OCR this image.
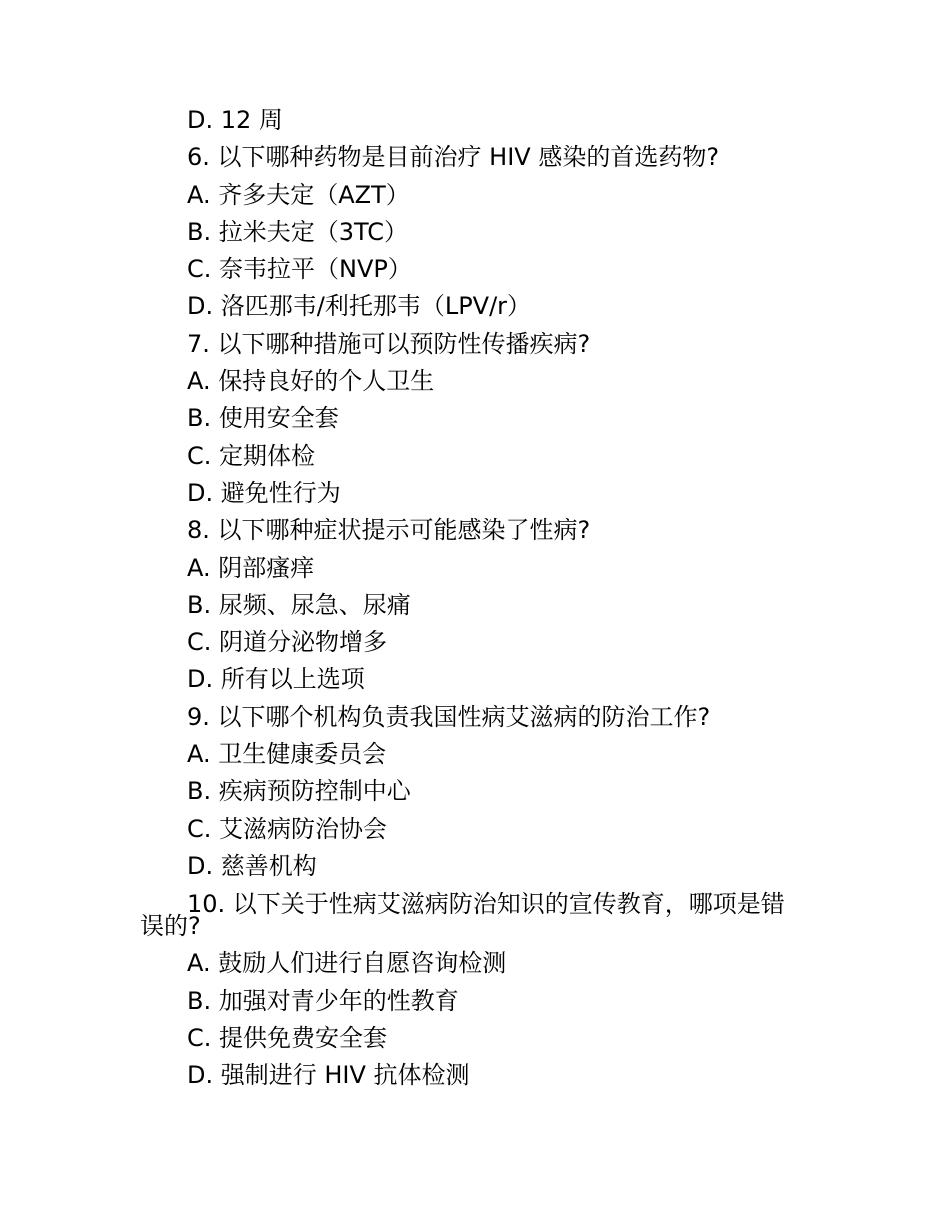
D. 12 周
6. 以下哪种药物是目前治疗 HIV 感染的首选药物?
A. 齐多夫定（AZT）
B. 拉米夫定（3TC）
C. 奈韦拉平（NVP）
D. 洛匹那韦/利托那韦（LPV/r）
7. 以下哪种措施可以预防性传播疾病?
A. 保持良好的个人卫生
B. 使用安全套
C. 定期体检
D. 避免性行为
8. 以下哪种症状提示可能感染了性病?
A. 阴部瘙痒
B. 尿频、尿急、尿痛
C. 阴道分泌物增多
D. 所有以上选项
9. 以下哪个机构负责我国性病艾滋病的防治工作?
A. 卫生健康委员会
B. 疾病预防控制中心
C. 艾滋病防治协会
D. 慈善机构
10. 以下关于性病艾滋病防治知识的宣传教育，哪项是错
误的?
A. 鼓励人们进行自愿咨询检测
B. 加强对青少年的性教育
C. 提供免费安全套
D. 强制进行 HIV 抗体检测
